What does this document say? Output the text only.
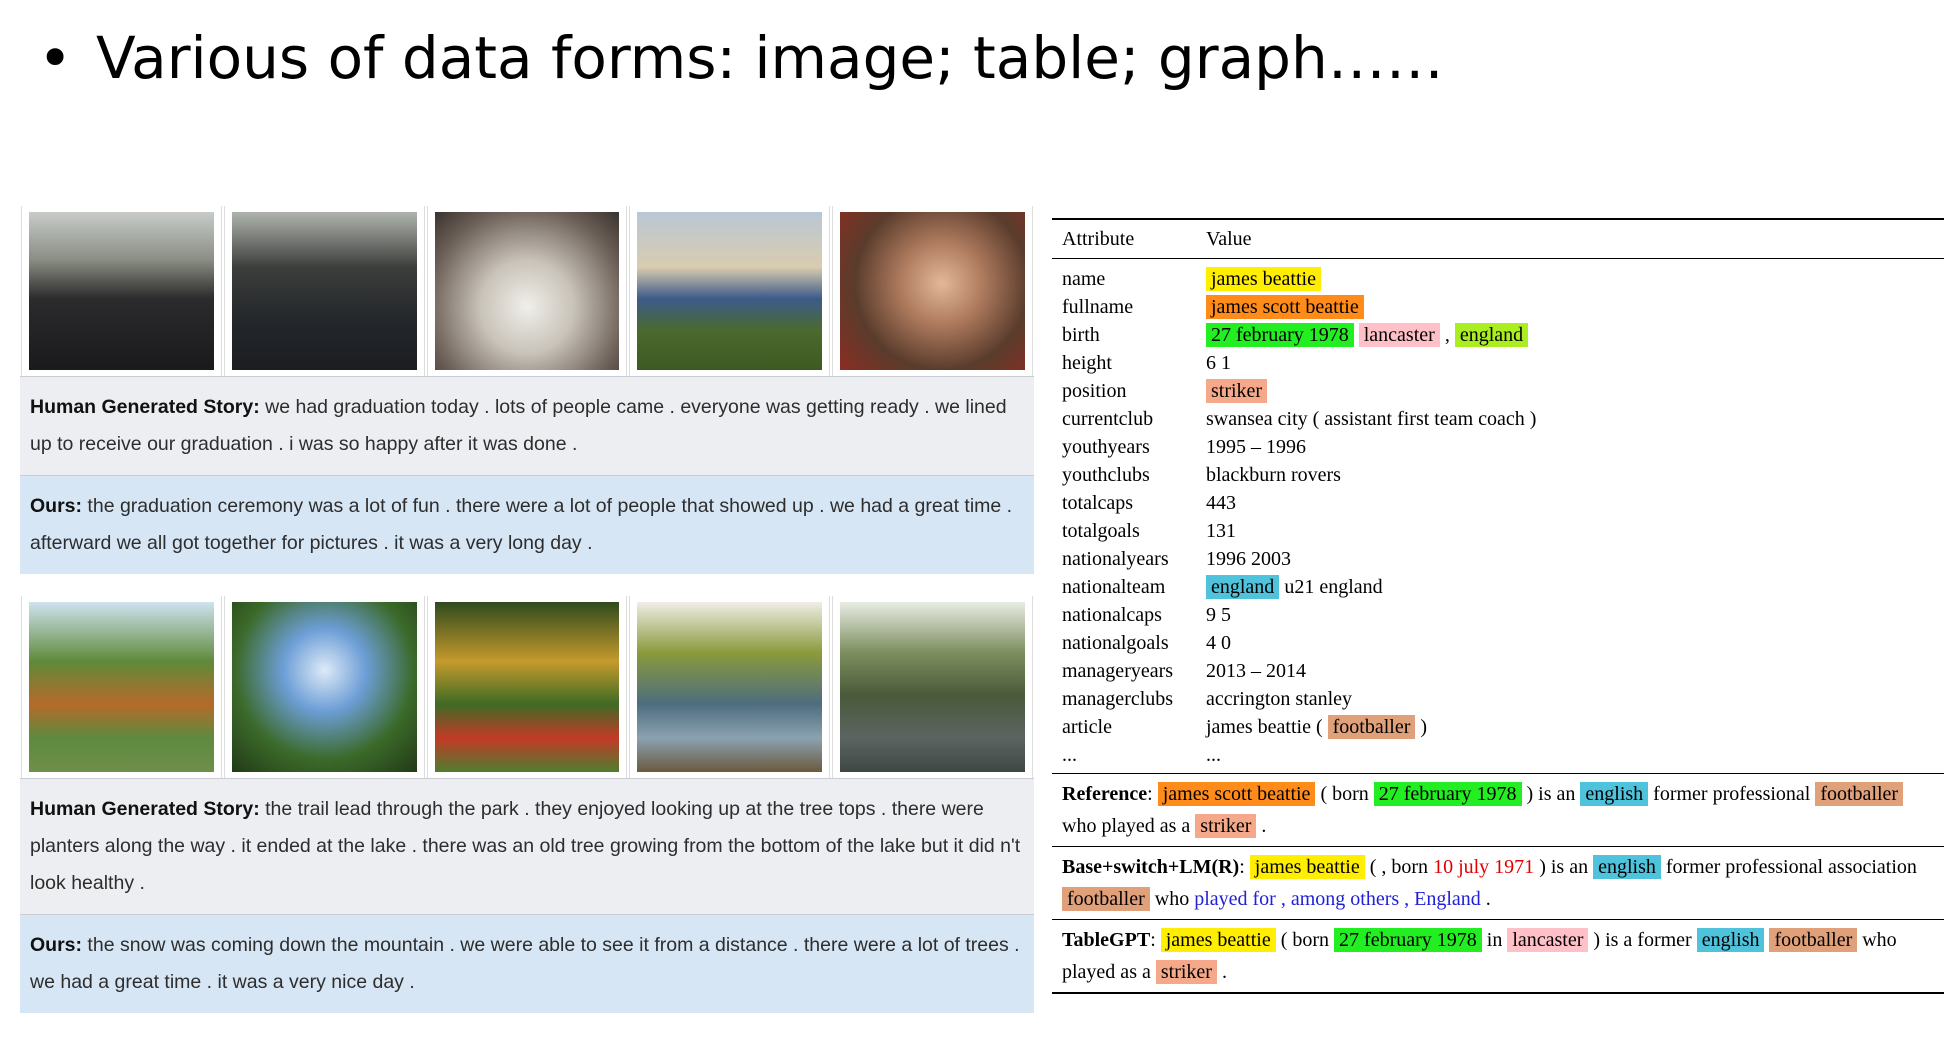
• Various of data forms: image; table; graph……
Human Generated Story: we had graduation today . lots of people came . everyone was getting ready . we lined up to receive our graduation . i was so happy after it was done .
Ours: the graduation ceremony was a lot of fun . there were a lot of people that showed up . we had a great time . afterward we all got together for pictures . it was a very long day .
Human Generated Story: the trail lead through the park . they enjoyed looking up at the tree tops . there were planters along the way . it ended at the lake . there was an old tree growing from the bottom of the lake but it did n't look healthy .
Ours: the snow was coming down the mountain . we were able to see it from a distance . there were a lot of trees . we had a great time . it was a very nice day .
Attribute	Value
name	james beattie
fullname	james scott beattie
birth	27 february 1978 lancaster , england
height	6 1
position	striker
currentclub	swansea city ( assistant first team coach )
youthyears	1995 – 1996
youthclubs	blackburn rovers
totalcaps	443
totalgoals	131
nationalyears	1996 2003
nationalteam	england u21 england
nationalcaps	9 5
nationalgoals	4 0
manageryears	2013 – 2014
managerclubs	accrington stanley
article	james beattie ( footballer )
...	...
Reference: james scott beattie ( born 27 february 1978 ) is an english former professional footballer who played as a striker .
Base+switch+LM(R): james beattie ( , born 10 july 1971 ) is an english former professional association footballer who played for , among others , England .
TableGPT: james beattie ( born 27 february 1978 in lancaster ) is a former english footballer who played as a striker .
